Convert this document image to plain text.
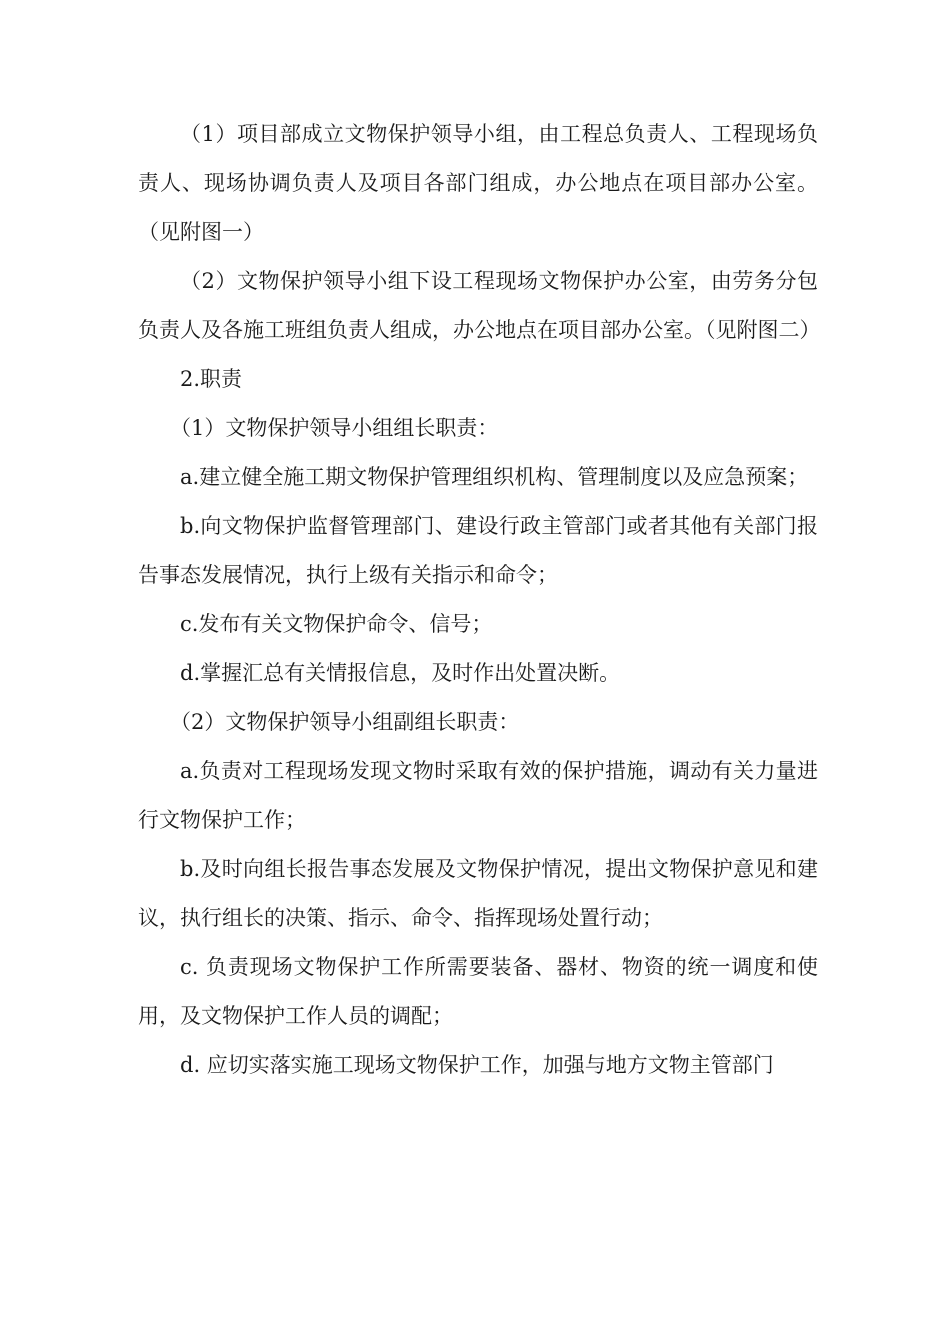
（1）项目部成立文物保护领导小组，由工程总负责人、工程现场负责人、现场协调负责人及项目各部门组成，办公地点在项目部办公室。（见附图一）

（2）文物保护领导小组下设工程现场文物保护办公室，由劳务分包负责人及各施工班组负责人组成，办公地点在项目部办公室。（见附图二）

2.职责

（1）文物保护领导小组组长职责：

a.建立健全施工期文物保护管理组织机构、管理制度以及应急预案；

b.向文物保护监督管理部门、建设行政主管部门或者其他有关部门报告事态发展情况，执行上级有关指示和命令；

c.发布有关文物保护命令、信号；

d.掌握汇总有关情报信息，及时作出处置决断。

（2）文物保护领导小组副组长职责：

a.负责对工程现场发现文物时采取有效的保护措施，调动有关力量进行文物保护工作；

b.及时向组长报告事态发展及文物保护情况，提出文物保护意见和建议，执行组长的决策、指示、命令、指挥现场处置行动；

c. 负责现场文物保护工作所需要装备、器材、物资的统一调度和使用，及文物保护工作人员的调配；

d. 应切实落实施工现场文物保护工作，加强与地方文物主管部门
